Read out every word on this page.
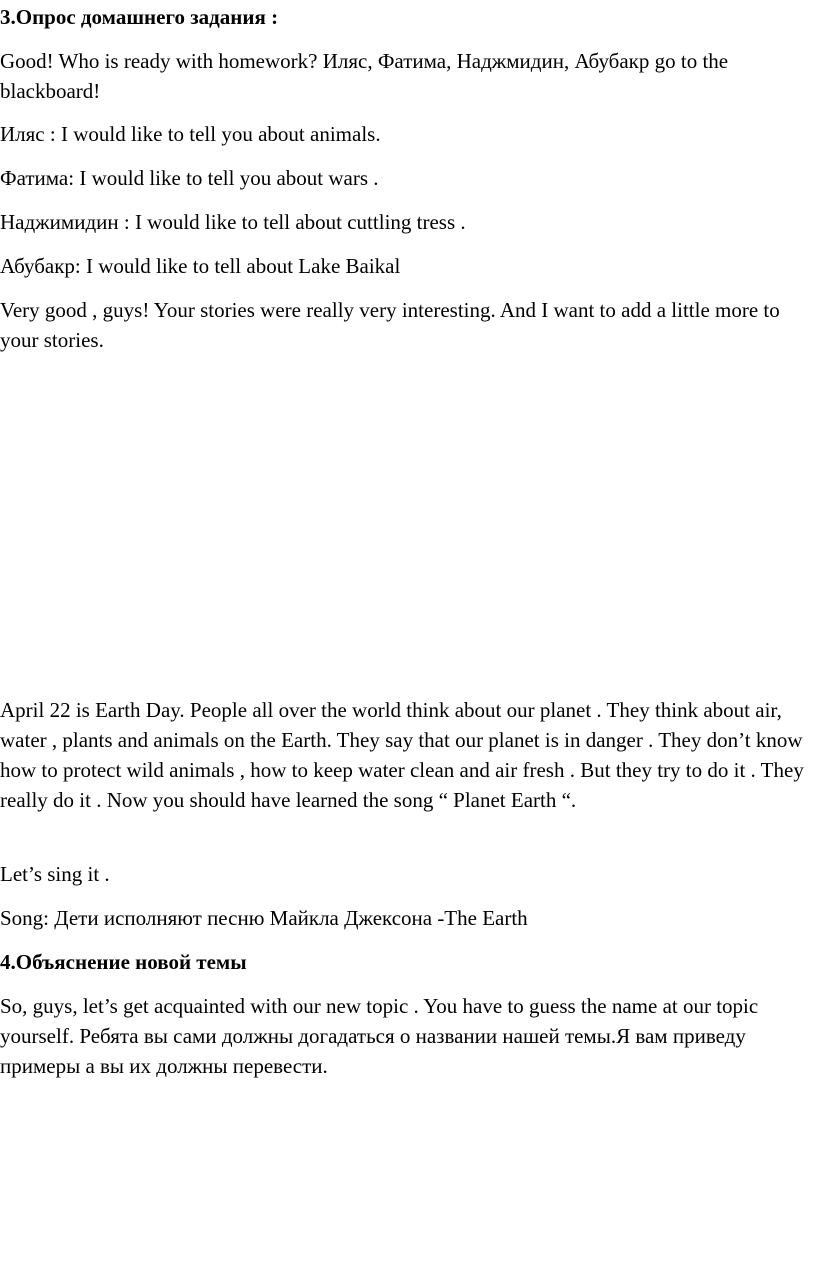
3.Опрос домашнего задания :

Good! Who is ready with homework? Иляс, Фатима, Наджмидин, Абубакр go to the blackboard!

Иляс : I would like to tell you about animals.

Фатима: I would like to tell you about wars .

Наджимидин : I would like to tell about cuttling tress .

Абубакр: I would like to tell about Lake Baikal

Very good , guys! Your stories were really very interesting. And I want to add a little more to your stories.

April 22 is Earth Day. People all over the world think about our planet . They think about air, water , plants and animals on the Earth. They say that our planet is in danger . They don’t know how to protect wild animals , how to keep water clean and air fresh . But they try to do it . They really do it . Now you should have learned the song “ Planet Earth “.

Let’s sing it .

Song: Дети исполняют песню Майкла Джексона -The Earth

4.Объяснение новой темы

So, guys, let’s get acquainted with our new topic . You have to guess the name at our topic yourself. Ребята вы сами должны догадаться о названии нашей темы.Я вам приведу примеры а вы их должны перевести.
